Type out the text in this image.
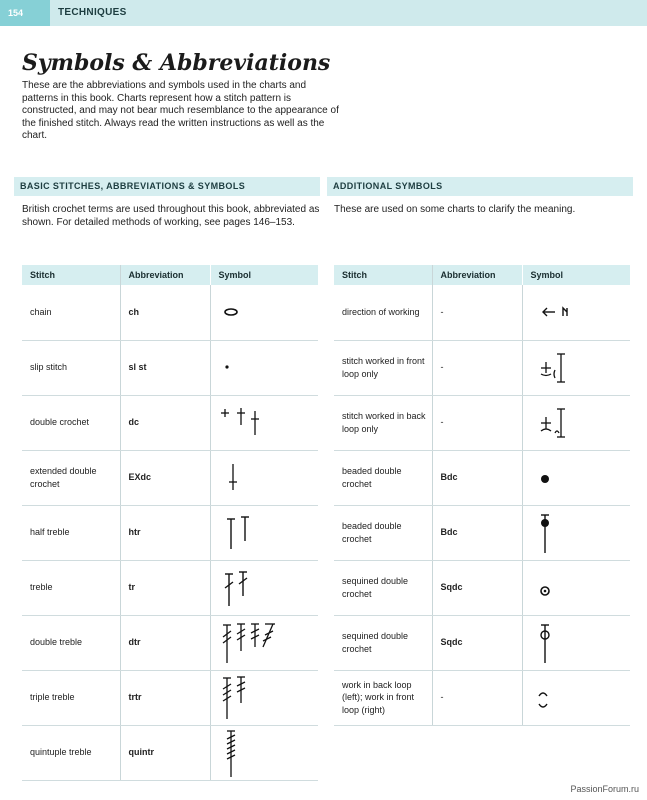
154	TECHNIQUES
Symbols & Abbreviations
These are the abbreviations and symbols used in the charts and patterns in this book. Charts represent how a stitch pattern is constructed, and may not bear much resemblance to the appearance of the finished stitch. Always read the written instructions as well as the chart.
BASIC STITCHES, ABBREVIATIONS & SYMBOLS	ADDITIONAL SYMBOLS
British crochet terms are used throughout this book, abbreviated as shown. For detailed methods of working, see pages 146–153.
These are used on some charts to clarify the meaning.
Stitch	Abbreviation	Symbol
chain	ch	

slip stitch	sl st	

double crochet	dc	

extended double crochet	EXdc	

half treble	htr	

treble	tr	

double treble	dtr	

triple treble	trtr	

quintuple treble	quintr	
Stitch	Abbreviation	Symbol
direction of working	-	

stitch worked in front loop only	-	

stitch worked in back loop only	-	

beaded double crochet	Bdc	

beaded double crochet	Bdc	

sequined double crochet	Sqdc	

sequined double crochet	Sqdc	

work in back loop (left); work in front loop (right)	-	
PassionForum.ru
